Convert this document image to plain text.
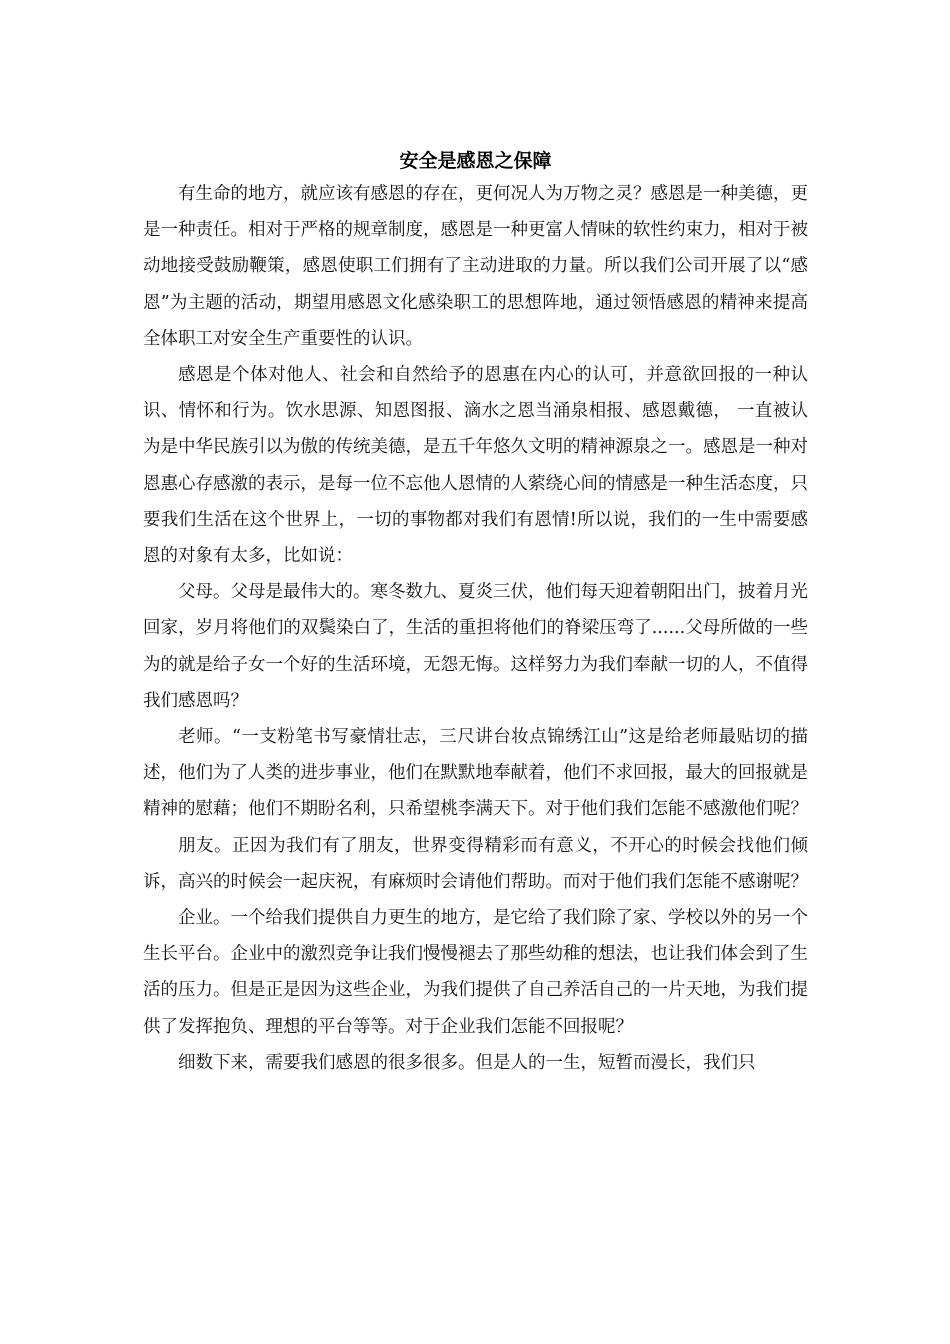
安全是感恩之保障

有生命的地方，就应该有感恩的存在，更何况人为万物之灵？感恩是一种美德，更是一种责任。相对于严格的规章制度，感恩是一种更富人情味的软性约束力，相对于被动地接受鼓励鞭策，感恩使职工们拥有了主动进取的力量。所以我们公司开展了以“感恩”为主题的活动，期望用感恩文化感染职工的思想阵地，通过领悟感恩的精神来提高全体职工对安全生产重要性的认识。

感恩是个体对他人、社会和自然给予的恩惠在内心的认可，并意欲回报的一种认识、情怀和行为。饮水思源、知恩图报、滴水之恩当涌泉相报、感恩戴德， 一直被认为是中华民族引以为傲的传统美德，是五千年悠久文明的精神源泉之一。感恩是一种对恩惠心存感激的表示，是每一位不忘他人恩情的人萦绕心间的情感是一种生活态度，只要我们生活在这个世界上，一切的事物都对我们有恩情!所以说，我们的一生中需要感恩的对象有太多，比如说：

父母。父母是最伟大的。寒冬数九、夏炎三伏，他们每天迎着朝阳出门，披着月光回家，岁月将他们的双鬓染白了，生活的重担将他们的脊梁压弯了......父母所做的一些为的就是给子女一个好的生活环境，无怨无悔。这样努力为我们奉献一切的人，不值得我们感恩吗？

老师。“一支粉笔书写豪情壮志，三尺讲台妆点锦绣江山”这是给老师最贴切的描述，他们为了人类的进步事业，他们在默默地奉献着，他们不求回报，最大的回报就是精神的慰藉；他们不期盼名利，只希望桃李满天下。对于他们我们怎能不感激他们呢？

朋友。正因为我们有了朋友，世界变得精彩而有意义，不开心的时候会找他们倾诉，高兴的时候会一起庆祝，有麻烦时会请他们帮助。而对于他们我们怎能不感谢呢？

企业。一个给我们提供自力更生的地方，是它给了我们除了家、学校以外的另一个生长平台。企业中的激烈竞争让我们慢慢褪去了那些幼稚的想法，也让我们体会到了生活的压力。但是正是因为这些企业，为我们提供了自己养活自己的一片天地，为我们提供了发挥抱负、理想的平台等等。对于企业我们怎能不回报呢？

细数下来，需要我们感恩的很多很多。但是人的一生，短暂而漫长，我们只
